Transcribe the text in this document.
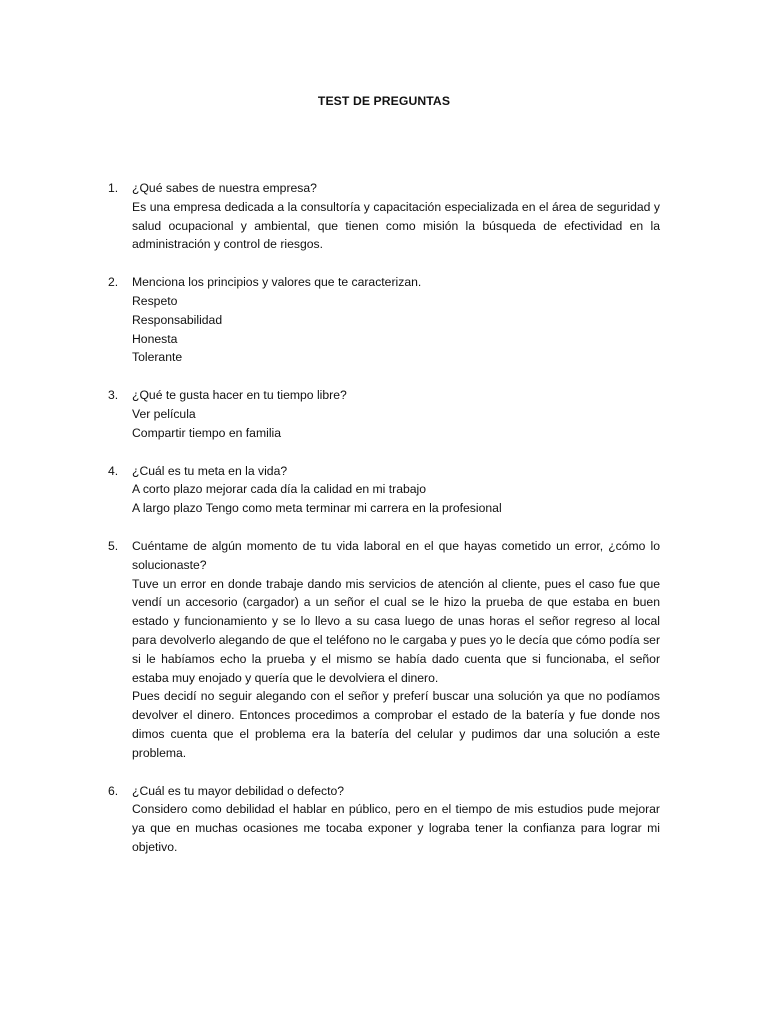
TEST DE PREGUNTAS
1. ¿Qué sabes de nuestra empresa?

Es una empresa dedicada a la consultoría y capacitación especializada en el área de seguridad y salud ocupacional y ambiental, que tienen como misión la búsqueda de efectividad en la administración y control de riesgos.

2. Menciona los principios y valores que te caracterizan.
Respeto
Responsabilidad
Honesta
Tolerante
3. ¿Qué te gusta hacer en tu tiempo libre?
Ver película
Compartir tiempo en familia
4. ¿Cuál es tu meta en la vida?
A corto plazo mejorar cada día la calidad en mi trabajo
A largo plazo Tengo como meta terminar mi carrera en la profesional
5. Cuéntame de algún momento de tu vida laboral en el que hayas cometido un error, ¿cómo lo solucionaste?

Tuve un error en donde trabaje dando mis servicios de atención al cliente, pues el caso fue que vendí un accesorio (cargador) a un señor el cual se le hizo la prueba de que estaba en buen estado y funcionamiento y se lo llevo a su casa luego de unas horas el señor regreso al local para devolverlo alegando de que el teléfono no le cargaba y pues yo le decía que cómo podía ser si le habíamos echo la prueba y el mismo se había dado cuenta que si funcionaba, el señor estaba muy enojado y quería que le devolviera el dinero.

Pues decidí no seguir alegando con el señor y preferí buscar una solución ya que no podíamos devolver el dinero. Entonces procedimos a comprobar el estado de la batería y fue donde nos dimos cuenta que el problema era la batería del celular y pudimos dar una solución a este problema.

6. ¿Cuál es tu mayor debilidad o defecto?

Considero como debilidad el hablar en público, pero en el tiempo de mis estudios pude mejorar ya que en muchas ocasiones me tocaba exponer y lograba tener la confianza para lograr mi objetivo.
